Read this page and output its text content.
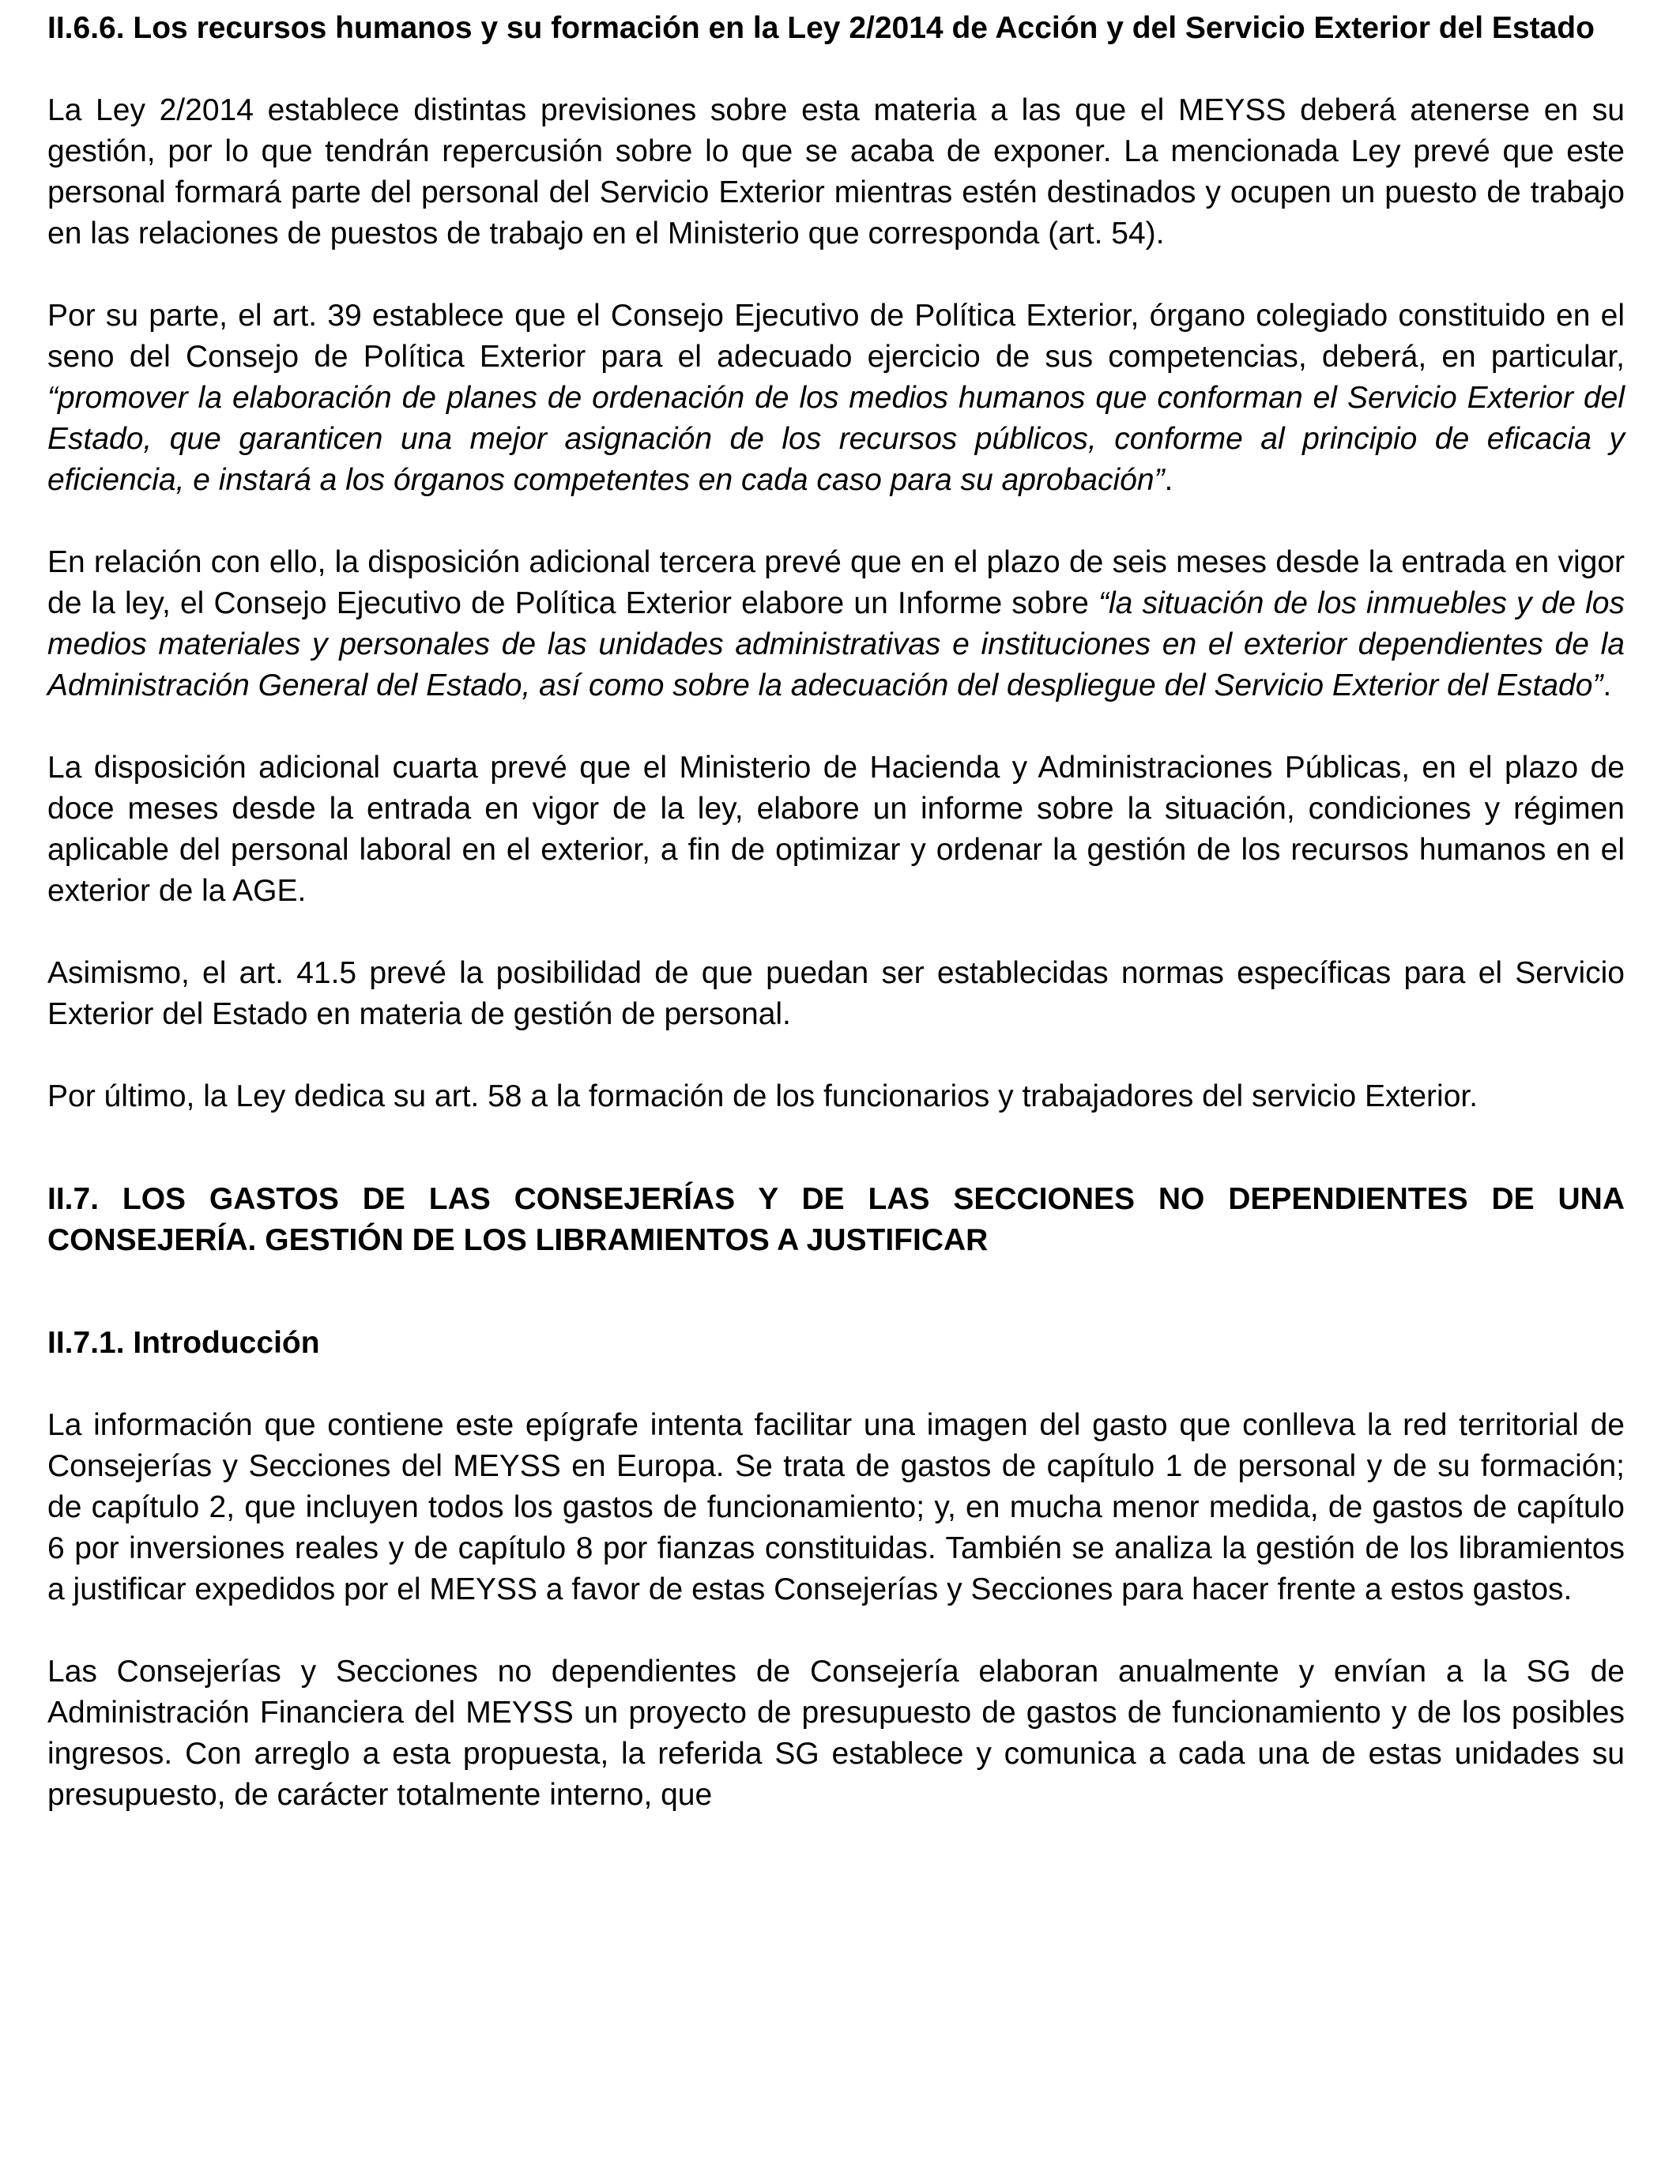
II.6.6. Los recursos humanos y su formación en la Ley 2/2014 de Acción y del Servicio Exterior del Estado

La Ley 2/2014 establece distintas previsiones sobre esta materia a las que el MEYSS deberá atenerse en su gestión, por lo que tendrán repercusión sobre lo que se acaba de exponer. La mencionada Ley prevé que este personal formará parte del personal del Servicio Exterior mientras estén destinados y ocupen un puesto de trabajo en las relaciones de puestos de trabajo en el Ministerio que corresponda (art. 54).

Por su parte, el art. 39 establece que el Consejo Ejecutivo de Política Exterior, órgano colegiado constituido en el seno del Consejo de Política Exterior para el adecuado ejercicio de sus competencias, deberá, en particular, “promover la elaboración de planes de ordenación de los medios humanos que conforman el Servicio Exterior del Estado, que garanticen una mejor asignación de los recursos públicos, conforme al principio de eficacia y eficiencia, e instará a los órganos competentes en cada caso para su aprobación”.

En relación con ello, la disposición adicional tercera prevé que en el plazo de seis meses desde la entrada en vigor de la ley, el Consejo Ejecutivo de Política Exterior elabore un Informe sobre “la situación de los inmuebles y de los medios materiales y personales de las unidades administrativas e instituciones en el exterior dependientes de la Administración General del Estado, así como sobre la adecuación del despliegue del Servicio Exterior del Estado”.

La disposición adicional cuarta prevé que el Ministerio de Hacienda y Administraciones Públicas, en el plazo de doce meses desde la entrada en vigor de la ley, elabore un informe sobre la situación, condiciones y régimen aplicable del personal laboral en el exterior, a fin de optimizar y ordenar la gestión de los recursos humanos en el exterior de la AGE.

Asimismo, el art. 41.5 prevé la posibilidad de que puedan ser establecidas normas específicas para el Servicio Exterior del Estado en materia de gestión de personal.

Por último, la Ley dedica su art. 58 a la formación de los funcionarios y trabajadores del servicio Exterior.

II.7. LOS GASTOS DE LAS CONSEJERÍAS Y DE LAS SECCIONES NO DEPENDIENTES DE UNA CONSEJERÍA. GESTIÓN DE LOS LIBRAMIENTOS A JUSTIFICAR
II.7.1. Introducción

La información que contiene este epígrafe intenta facilitar una imagen del gasto que conlleva la red territorial de Consejerías y Secciones del MEYSS en Europa. Se trata de gastos de capítulo 1 de personal y de su formación; de capítulo 2, que incluyen todos los gastos de funcionamiento; y, en mucha menor medida, de gastos de capítulo 6 por inversiones reales y de capítulo 8 por fianzas constituidas. También se analiza la gestión de los libramientos a justificar expedidos por el MEYSS a favor de estas Consejerías y Secciones para hacer frente a estos gastos.

Las Consejerías y Secciones no dependientes de Consejería elaboran anualmente y envían a la SG de Administración Financiera del MEYSS un proyecto de presupuesto de gastos de funcionamiento y de los posibles ingresos. Con arreglo a esta propuesta, la referida SG establece y comunica a cada una de estas unidades su presupuesto, de carácter totalmente interno, que
